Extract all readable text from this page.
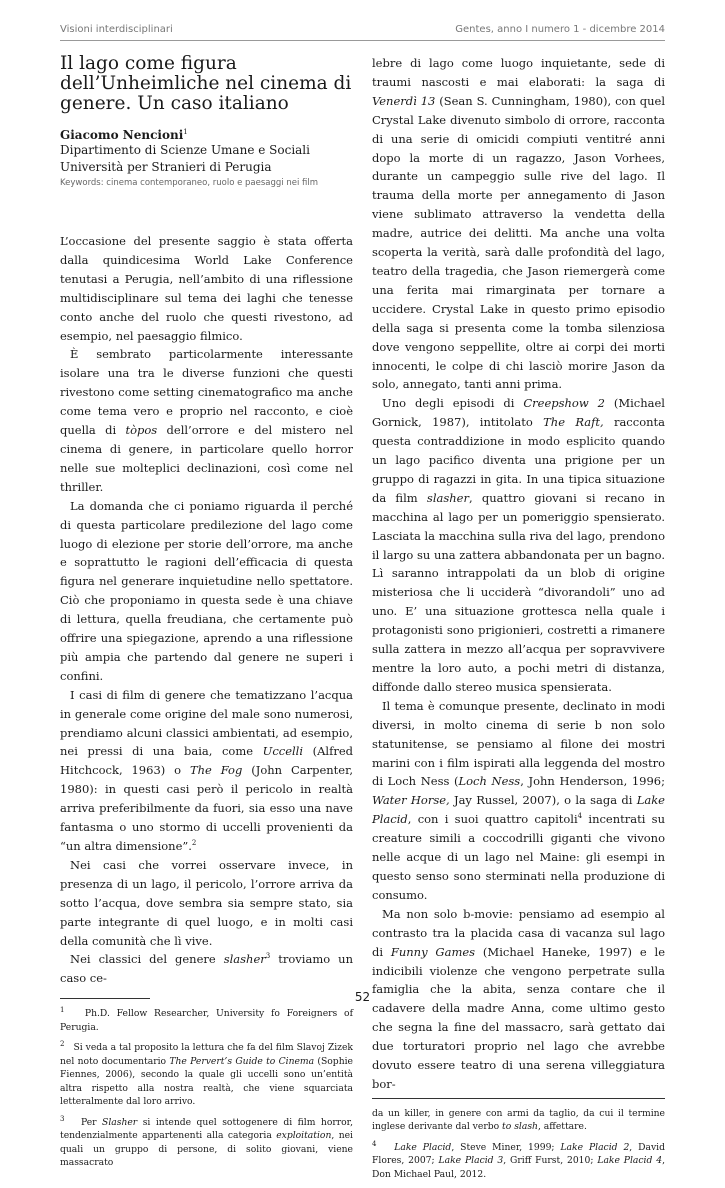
Visioni interdisciplinari	Gentes, anno I numero 1 - dicembre 2014
Il lago come figura dell’Unheimliche nel cinema di genere. Un caso italiano
Giacomo Nencioni$^1$
Dipartimento di Scienze Umane e Sociali
Università per Stranieri di Perugia
Keywords: cinema contemporaneo, ruolo e paesaggi nei film

L’occasione del presente saggio è stata offerta dalla quindicesima World Lake Conference tenutasi a Perugia, nell’ambito di una riflessione multidisciplinare sul tema dei laghi che tenesse conto anche del ruolo che questi rivestono, ad esempio, nel paesaggio filmico.

È sembrato particolarmente interessante isolare una tra le diverse funzioni che questi rivestono come setting cinematografico ma anche come tema vero e proprio nel racconto, e cioè quella di tòpos dell’orrore e del mistero nel cinema di genere, in particolare quello horror nelle sue molteplici declinazioni, così come nel thriller.

La domanda che ci poniamo riguarda il perché di questa particolare predilezione del lago come luogo di elezione per storie dell’orrore, ma anche e soprattutto le ragioni dell’efficacia di questa figura nel generare inquietudine nello spettatore. Ciò che proponiamo in questa sede è una chiave di lettura, quella freudiana, che certamente può offrire una spiegazione, aprendo a una riflessione più ampia che partendo dal genere ne superi i confini.

I casi di film di genere che tematizzano l’acqua in generale come origine del male sono numerosi, prendiamo alcuni classici ambientati, ad esempio, nei pressi di una baia, come Uccelli (Alfred Hitchcock, 1963) o The Fog (John Carpenter, 1980): in questi casi però il pericolo in realtà arriva preferibilmente da fuori, sia esso una nave fantasma o uno stormo di uccelli provenienti da “un altra dimensione”.$^2$

Nei casi che vorrei osservare invece, in presenza di un lago, il pericolo, l’orrore arriva da sotto l’acqua, dove sembra sia sempre stato, sia parte integrante di quel luogo, e in molti casi della comunità che lì vive.

Nei classici del genere slasher$^3$ troviamo un caso ce-

$^1$ Ph.D. Fellow Researcher, University fo Foreigners of Perugia.

$^2$ Si veda a tal proposito la lettura che fa del film Slavoj Zizek nel noto documentario The Pervert’s Guide to Cinema (Sophie Fiennes, 2006), secondo la quale gli uccelli sono un’entità altra rispetto alla nostra realtà, che viene squarciata letteralmente dal loro arrivo.

$^3$ Per Slasher si intende quel sottogenere di film horror, tendenzialmente appartenenti alla categoria exploitation, nei quali un gruppo di persone, di solito giovani, viene massacrato

lebre di lago come luogo inquietante, sede di traumi nascosti e mai elaborati: la saga di Venerdì 13 (Sean S. Cunningham, 1980), con quel Crystal Lake divenuto simbolo di orrore, racconta di una serie di omicidi compiuti ventitré anni dopo la morte di un ragazzo, Jason Vorhees, durante un campeggio sulle rive del lago. Il trauma della morte per annegamento di Jason viene sublimato attraverso la vendetta della madre, autrice dei delitti. Ma anche una volta scoperta la verità, sarà dalle profondità del lago, teatro della tragedia, che Jason riemergerà come una ferita mai rimarginata per tornare a uccidere. Crystal Lake in questo primo episodio della saga si presenta come la tomba silenziosa dove vengono seppellite, oltre ai corpi dei morti innocenti, le colpe di chi lasciò morire Jason da solo, annegato, tanti anni prima.

Uno degli episodi di Creepshow 2 (Michael Gornick, 1987), intitolato The Raft, racconta questa contraddizione in modo esplicito quando un lago pacifico diventa una prigione per un gruppo di ragazzi in gita. In una tipica situazione da film slasher, quattro giovani si recano in macchina al lago per un pomeriggio spensierato. Lasciata la macchina sulla riva del lago, prendono il largo su una zattera abbandonata per un bagno. Lì saranno intrappolati da un blob di origine misteriosa che li ucciderà “divorandoli” uno ad uno. E’ una situazione grottesca nella quale i protagonisti sono prigionieri, costretti a rimanere sulla zattera in mezzo all’acqua per sopravvivere mentre la loro auto, a pochi metri di distanza, diffonde dallo stereo musica spensierata.

Il tema è comunque presente, declinato in modi diversi, in molto cinema di serie b non solo statunitense, se pensiamo al filone dei mostri marini con i film ispirati alla leggenda del mostro di Loch Ness (Loch Ness, John Henderson, 1996; Water Horse, Jay Russel, 2007), o la saga di Lake Placid, con i suoi quattro capitoli$^4$ incentrati su creature simili a coccodrilli giganti che vivono nelle acque di un lago nel Maine: gli esempi in questo senso sono sterminati nella produzione di consumo.

Ma non solo b-movie: pensiamo ad esempio al contrasto tra la placida casa di vacanza sul lago di Funny Games (Michael Haneke, 1997) e le indicibili violenze che vengono perpetrate sulla famiglia che la abita, senza contare che il cadavere della madre Anna, come ultimo gesto che segna la fine del massacro, sarà gettato dai due torturatori proprio nel lago che avrebbe dovuto essere teatro di una serena villeggiatura bor-

da un killer, in genere con armi da taglio, da cui il termine inglese derivante dal verbo to slash, affettare.

$^4$ Lake Placid, Steve Miner, 1999; Lake Placid 2, David Flores, 2007; Lake Placid 3, Griff Furst, 2010; Lake Placid 4, Don Michael Paul, 2012.

52
